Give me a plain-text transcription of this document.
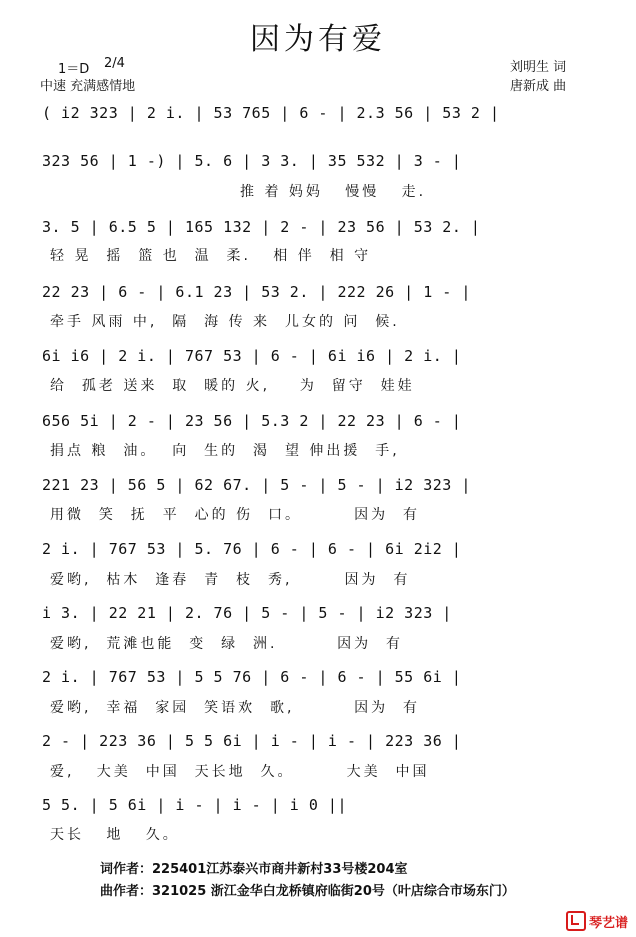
因为有爱
1＝D 2/4
中速 充满感情地
刘明生 词
唐新成 曲
( i2 323 | 2 i. | 53 765 | 6 - | 2.3 56 | 53 2 |
323 56 | 1 -) | 5. 6 | 3 3. | 35 532 | 3 - |
推 着 妈妈   慢慢   走.
3. 5 | 6.5 5 | 165 132 | 2 - | 23 56 | 53 2. |
轻 晃  摇  篮 也  温  柔.   相 伴  相 守
22 23 | 6 - | 6.1 23 | 53 2. | 222 26 | 1 - |
牵手 风雨 中,  隔  海 传 来  儿女的 问  候.
6i i6 | 2 i. | 767 53 | 6 - | 6i i6 | 2 i. |
给  孤老 送来  取  暖的 火,    为  留守  娃娃
656 5i | 2 - | 23 56 | 5.3 2 | 22 23 | 6 - |
捐点 粮  油。  向  生的  渴  望 伸出援  手,
221 23 | 56 5 | 62 67. | 5 - | 5 - | i2 323 |
用微  笑  抚  平  心的 伤  口。       因为  有
2 i. | 767 53 | 5. 76 | 6 - | 6 - | 6i 2i2 |
爱哟,  枯木  逢春  青  枝  秀,       因为  有
i 3. | 22 21 | 2. 76 | 5 - | 5 - | i2 323 |
爱哟,  荒滩也能  变  绿  洲.        因为  有
2 i. | 767 53 | 5 5 76 | 6 - | 6 - | 55 6i |
爱哟,  幸福  家园  笑语欢  歌,        因为  有
2 - | 223 36 | 5 5 6i | i - | i - | 223 36 |
爱,   大美  中国  天长地  久。       大美  中国
5 5. | 5 6i | i - | i - | i 0 ||
天长   地   久。
词作者：225401江苏泰兴市商井新村33号楼204室
曲作者：321025 浙江金华白龙桥镇府临街20号（叶店综合市场东门）
琴艺谱
